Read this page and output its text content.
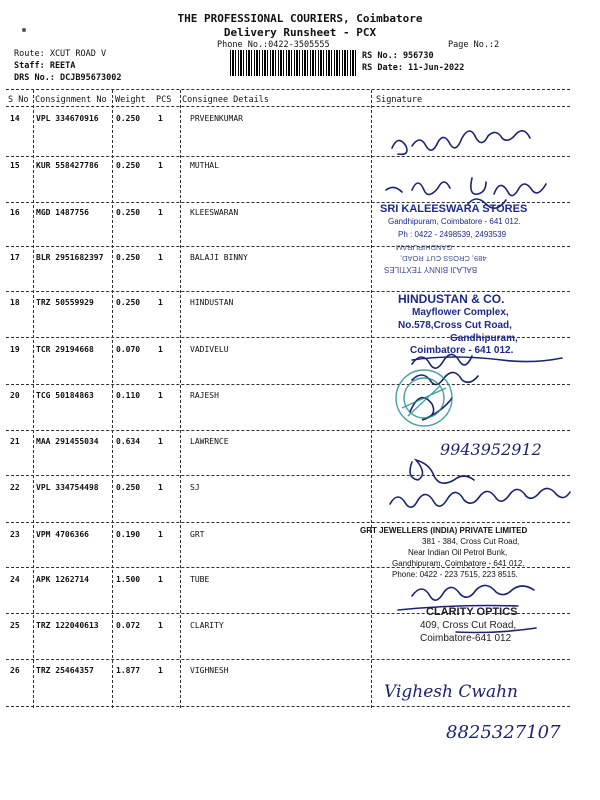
THE PROFESSIONAL COURIERS, Coimbatore
Delivery Runsheet - PCX
Phone No.:0422-3505555	Page No.:2
Route: XCUT ROAD V
Staff: REETA
DRS No.: DCJB95673002
RS No.: 956730
RS Date: 11-Jun-2022
S No Consignment No Weight PCS Consignee Details	Signature
14 VPL 334670916 0.250 1	PRVEENKUMAR
15 KUR 558427786 0.250 1	MUTHAL
16 MGD 1487756	0.250 1	KLEESWARAN
17 BLR 2951682397 0.250 1	BALAJI BINNY
18 TRZ 50559929	0.250 1	HINDUSTAN
19 TCR 29194668	0.070 1	VADIVELU
20 TCG 50184863	0.110 1	RAJESH
21 MAA 291455034 0.634 1	LAWRENCE
22 VPL 334754498 0.250 1	SJ
23 VPM 4706366	0.190 1	GRT
24 APK 1262714	1.500 1	TUBE
25 TRZ 122040613 0.072 1	CLARITY
26 TRZ 25464357	1.877 1	VIGHNESH
SRI KALEESWARA STORES
Gandhipuram, Coimbatore - 641 012.
Ph : 0422 - 2498539, 2493539
GANDHIPURAM
489, CROSS CUT ROAD,
BALAJI BINNY TEXTILES
HINDUSTAN & CO.
Mayflower Complex,
No.578,Cross Cut Road,
Gandhipuram,
Coimbatore - 641 012.
9943952912
GRT JEWELLERS (INDIA) PRIVATE LIMITED
381 - 384, Cross Cut Road,
Near Indian Oil Petrol Bunk,
Gandhipuram, Coimbatore - 641 012.
Phone: 0422 - 223 7515, 223 8515.
CLARITY OPTICS
409, Cross Cut Road,
Coimbatore-641 012
Vighesh Cwahn
8825327107
